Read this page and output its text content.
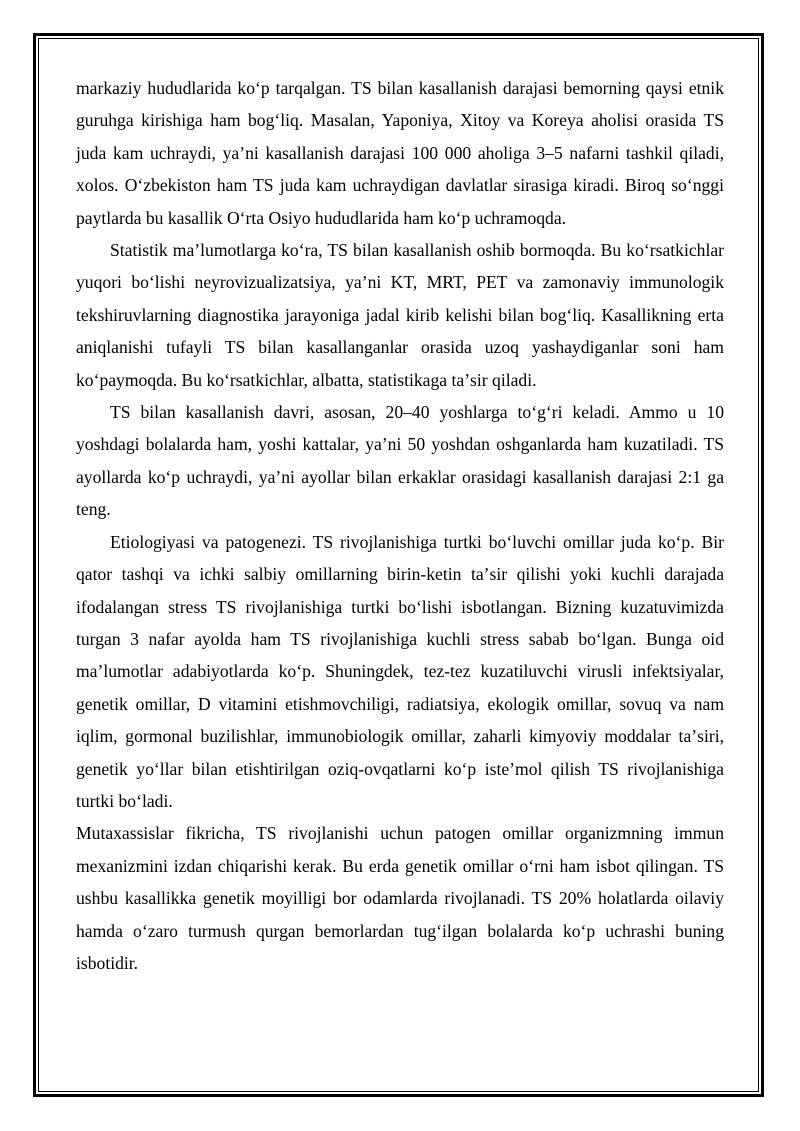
markaziy hududlarida koʻp tarqalgan. TS bilan kasallanish darajasi bemorning qaysi etnik guruhga kirishiga ham bogʻliq. Masalan, Yaponiya, Xitoy va Koreya aholisi orasida TS juda kam uchraydi, yaʼni kasallanish darajasi 100 000 aholiga 3–5 nafarni tashkil qiladi, xolos. Oʻzbekiston ham TS juda kam uchraydigan davlatlar sirasiga kiradi. Biroq soʻnggi paytlarda bu kasallik Oʻrta Osiyo hududlarida ham koʻp uchramoqda.

Statistik maʼlumotlarga koʻra, TS bilan kasallanish oshib bormoqda. Bu koʻrsatkichlar yuqori boʻlishi neyrovizualizatsiya, yaʼni KT, MRT, PET va zamonaviy immunologik tekshiruvlarning diagnostika jarayoniga jadal kirib kelishi bilan bogʻliq. Kasallikning erta aniqlanishi tufayli TS bilan kasallanganlar orasida uzoq yashaydiganlar soni ham koʻpaymoqda. Bu koʻrsatkichlar, albatta, statistikaga taʼsir qiladi.

TS bilan kasallanish davri, asosan, 20–40 yoshlarga toʻgʻri keladi. Ammo u 10 yoshdagi bolalarda ham, yoshi kattalar, yaʼni 50 yoshdan oshganlarda ham kuzatiladi. TS ayollarda koʻp uchraydi, yaʼni ayollar bilan erkaklar orasidagi kasallanish darajasi 2:1 ga teng.

Etiologiyasi va patogenezi. TS rivojlanishiga turtki boʻluvchi omillar juda koʻp. Bir qator tashqi va ichki salbiy omillarning birin-ketin taʼsir qilishi yoki kuchli darajada ifodalangan stress TS rivojlanishiga turtki boʻlishi isbotlangan. Bizning kuzatuvimizda turgan 3 nafar ayolda ham TS rivojlanishiga kuchli stress sabab boʻlgan. Bunga oid maʼlumotlar adabiyotlarda koʻp. Shuningdek, tez-tez kuzatiluvchi virusli infektsiyalar, genetik omillar, D vitamini etishmovchiligi, radiatsiya, ekologik omillar, sovuq va nam iqlim, gormonal buzilishlar, immunobiologik omillar, zaharli kimyoviy moddalar taʼsiri, genetik yoʻllar bilan etishtirilgan oziq-ovqatlarni koʻp isteʼmol qilish TS rivojlanishiga turtki boʻladi.

Mutaxassislar fikricha, TS rivojlanishi uchun patogen omillar organizmning immun mexanizmini izdan chiqarishi kerak. Bu erda genetik omillar oʻrni ham isbot qilingan. TS ushbu kasallikka genetik moyilligi bor odamlarda rivojlanadi. TS 20% holatlarda oilaviy hamda oʻzaro turmush qurgan bemorlardan tugʻilgan bolalarda koʻp uchrashi buning isbotidir.
